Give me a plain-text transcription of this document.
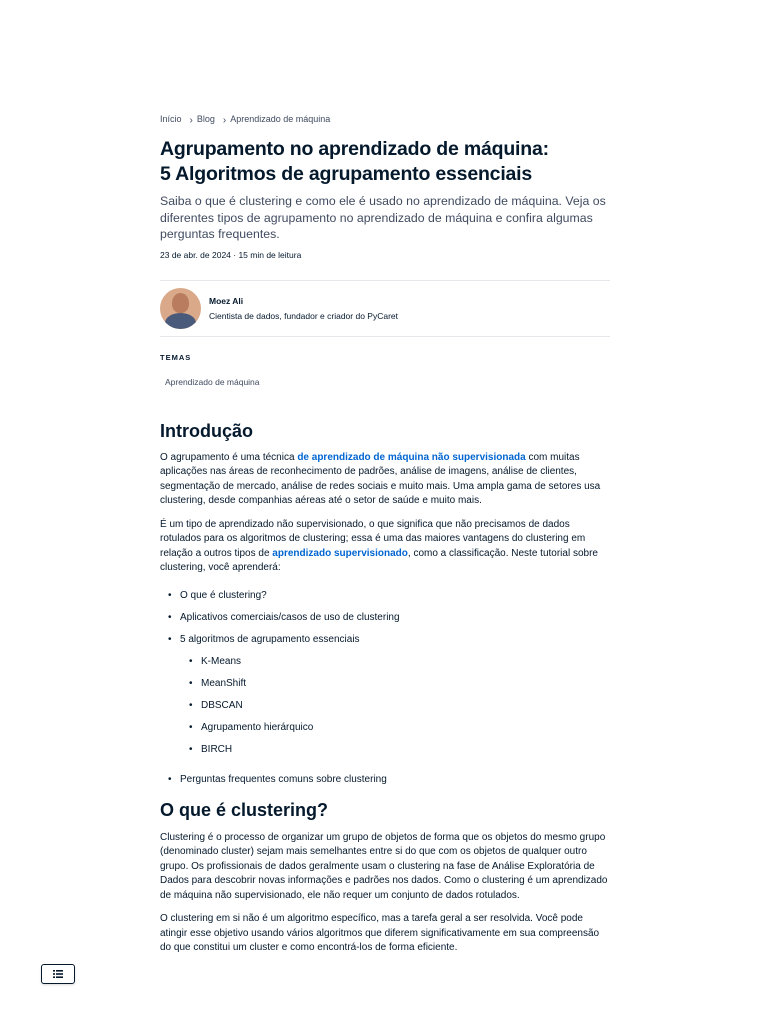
Início › Blog › Aprendizado de máquina
Agrupamento no aprendizado de máquina:
5 Algoritmos de agrupamento essenciais

Saiba o que é clustering e como ele é usado no aprendizado de máquina. Veja os diferentes tipos de agrupamento no aprendizado de máquina e confira algumas perguntas frequentes.

23 de abr. de 2024 · 15 min de leitura

Moez Ali
Cientista de dados, fundador e criador do PyCaret
TEMAS
Aprendizado de máquina
Introdução

O agrupamento é uma técnica de aprendizado de máquina não supervisionada com muitas aplicações nas áreas de reconhecimento de padrões, análise de imagens, análise de clientes, segmentação de mercado, análise de redes sociais e muito mais. Uma ampla gama de setores usa clustering, desde companhias aéreas até o setor de saúde e muito mais.

É um tipo de aprendizado não supervisionado, o que significa que não precisamos de dados rotulados para os algoritmos de clustering; essa é uma das maiores vantagens do clustering em relação a outros tipos de aprendizado supervisionado, como a classificação. Neste tutorial sobre clustering, você aprenderá:

• O que é clustering?
• Aplicativos comerciais/casos de uso de clustering
• 5 algoritmos de agrupamento essenciais
• K-Means
• MeanShift
• DBSCAN
• Agrupamento hierárquico
• BIRCH
• Perguntas frequentes comuns sobre clustering
O que é clustering?

Clustering é o processo de organizar um grupo de objetos de forma que os objetos do mesmo grupo (denominado cluster) sejam mais semelhantes entre si do que com os objetos de qualquer outro grupo. Os profissionais de dados geralmente usam o clustering na fase de Análise Exploratória de Dados para descobrir novas informações e padrões nos dados. Como o clustering é um aprendizado de máquina não supervisionado, ele não requer um conjunto de dados rotulados.

O clustering em si não é um algoritmo específico, mas a tarefa geral a ser resolvida. Você pode atingir esse objetivo usando vários algoritmos que diferem significativamente em sua compreensão do que constitui um cluster e como encontrá-los de forma eficiente.
